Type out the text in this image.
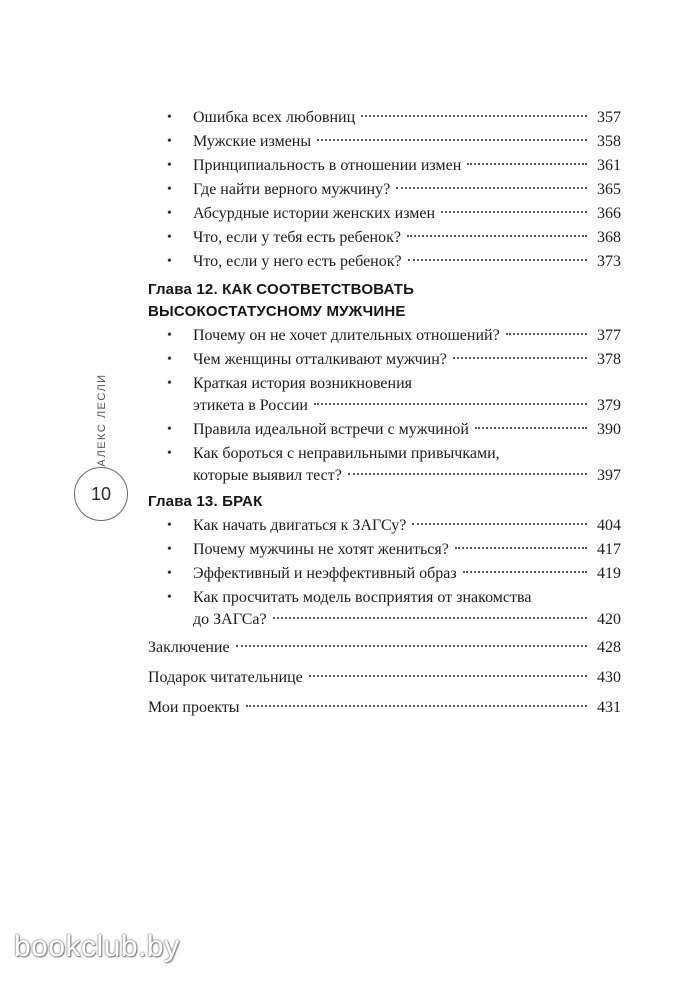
АЛЕКС ЛЕСЛИ
10
• Ошибка всех любовниц	357
• Мужские измены	358
• Принципиальность в отношении измен	361
• Где найти верного мужчину?	365
• Абсурдные истории женских измен	366
• Что, если у тебя есть ребенок?	368
• Что, если у него есть ребенок?	373
Глава 12. КАК СООТВЕТСТВОВАТЬ
ВЫСОКОСТАТУСНОМУ МУЖЧИНЕ
• Почему он не хочет длительных отношений?	377
• Чем женщины отталкивают мужчин?	378
• Краткая история возникновения
этикета в России	379
• Правила идеальной встречи с мужчиной	390
• Как бороться с неправильными привычками,
которые выявил тест?	397
Глава 13. БРАК
• Как начать двигаться к ЗАГСу?	404
• Почему мужчины не хотят жениться?	417
• Эффективный и неэффективный образ	419
• Как просчитать модель восприятия от знакомства
до ЗАГСа?	420
Заключение	428
Подарок читательнице	430
Мои проекты	431
bookclub.by
